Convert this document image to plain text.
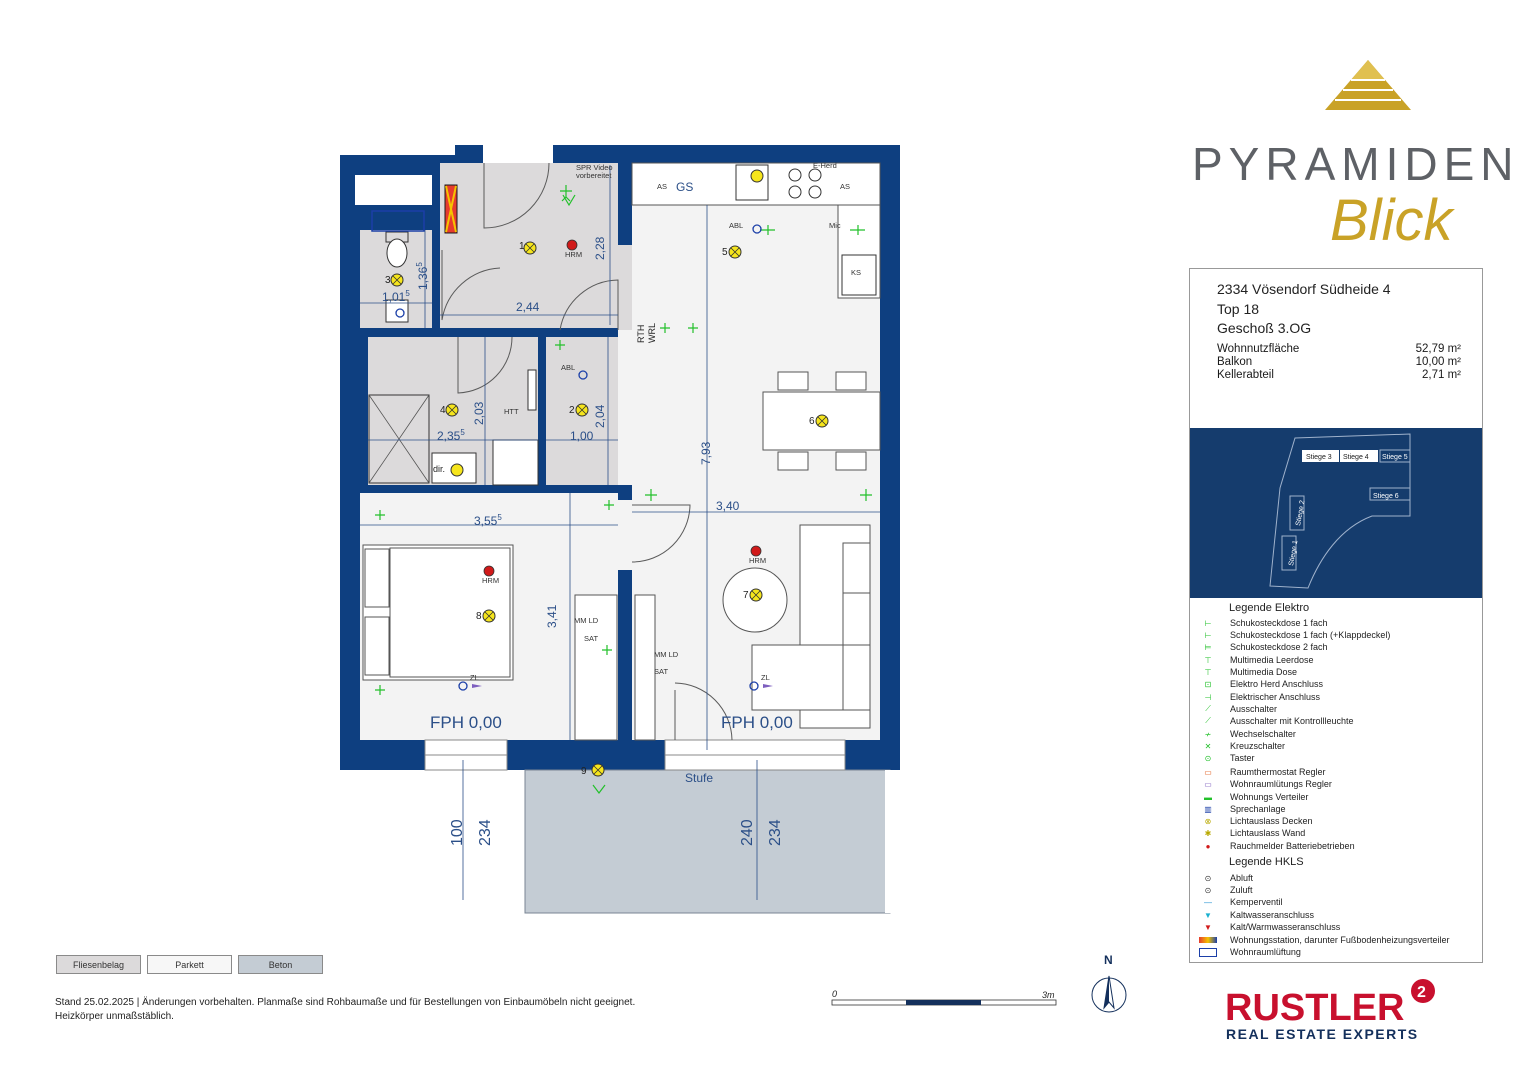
1
3
4	2
5
6
7
8
9
SPR Video
vorbereitet
AS	AS
E-Herd
Mic
KS
HRM
HRM
HRM
HTT
MM LD
SAT
MM LD
SAT
ABL
ABL
ZL
ZL
dir.
GS
RTH WRL
1,01$^5$
1,36$^5$
2,28
2,44
2,03
2,35$^5$
2,04
1,00
7,93
3,40
3,55$^5$
3,41
100 234	240 234
FPH 0,00	FPH 0,00
Stufe
PYRAMIDEN
Blick
2334 Vösendorf Südheide 4
Top 18
Geschoß 3.OG
Wohnnutzfläche	52,79 m²
Balkon	10,00 m²
Kellerabteil	2,71 m²
Stiege 3 Stiege 4 Stiege 5
Stiege 6
Stiege 2
Stiege 1
Legende Elektro
⊢	Schukosteckdose 1 fach
⊢	Schukosteckdose 1 fach (+Klappdeckel)
⊨	Schukosteckdose 2 fach
⊤	Multimedia Leerdose
⊤	Multimedia Dose
⊡	Elektro Herd Anschluss
⊣	Elektrischer Anschluss
⟋	Ausschalter
⟋	Ausschalter mit Kontrollleuchte
≁	Wechselschalter
✕	Kreuzschalter
⊙	Taster
▭	Raumthermostat Regler
▭	Wohnraumlütungs Regler
▬	Wohnungs Verteiler
▥	Sprechanlage
⊗	Lichtauslass Decken
✱	Lichtauslass Wand
●	Rauchmelder Batteriebetrieben
Legende HKLS
⊙	Abluft
⊙	Zuluft
—	Kemperventil
▼	Kaltwasseranschluss
▼	Kalt/Warmwasseranschluss
Wohnungsstation, darunter Fußbodenheizungsverteiler
Wohnraumlüftung
Fliesenbelag	Parkett	Beton
Stand 25.02.2025 | Änderungen vorbehalten. Planmaße sind Rohbaumaße und für Bestellungen von Einbaumöbeln nicht geeignet.
Heizkörper unmaßstäblich.
0	3m
N
RUSTLER 2
REAL ESTATE EXPERTS
